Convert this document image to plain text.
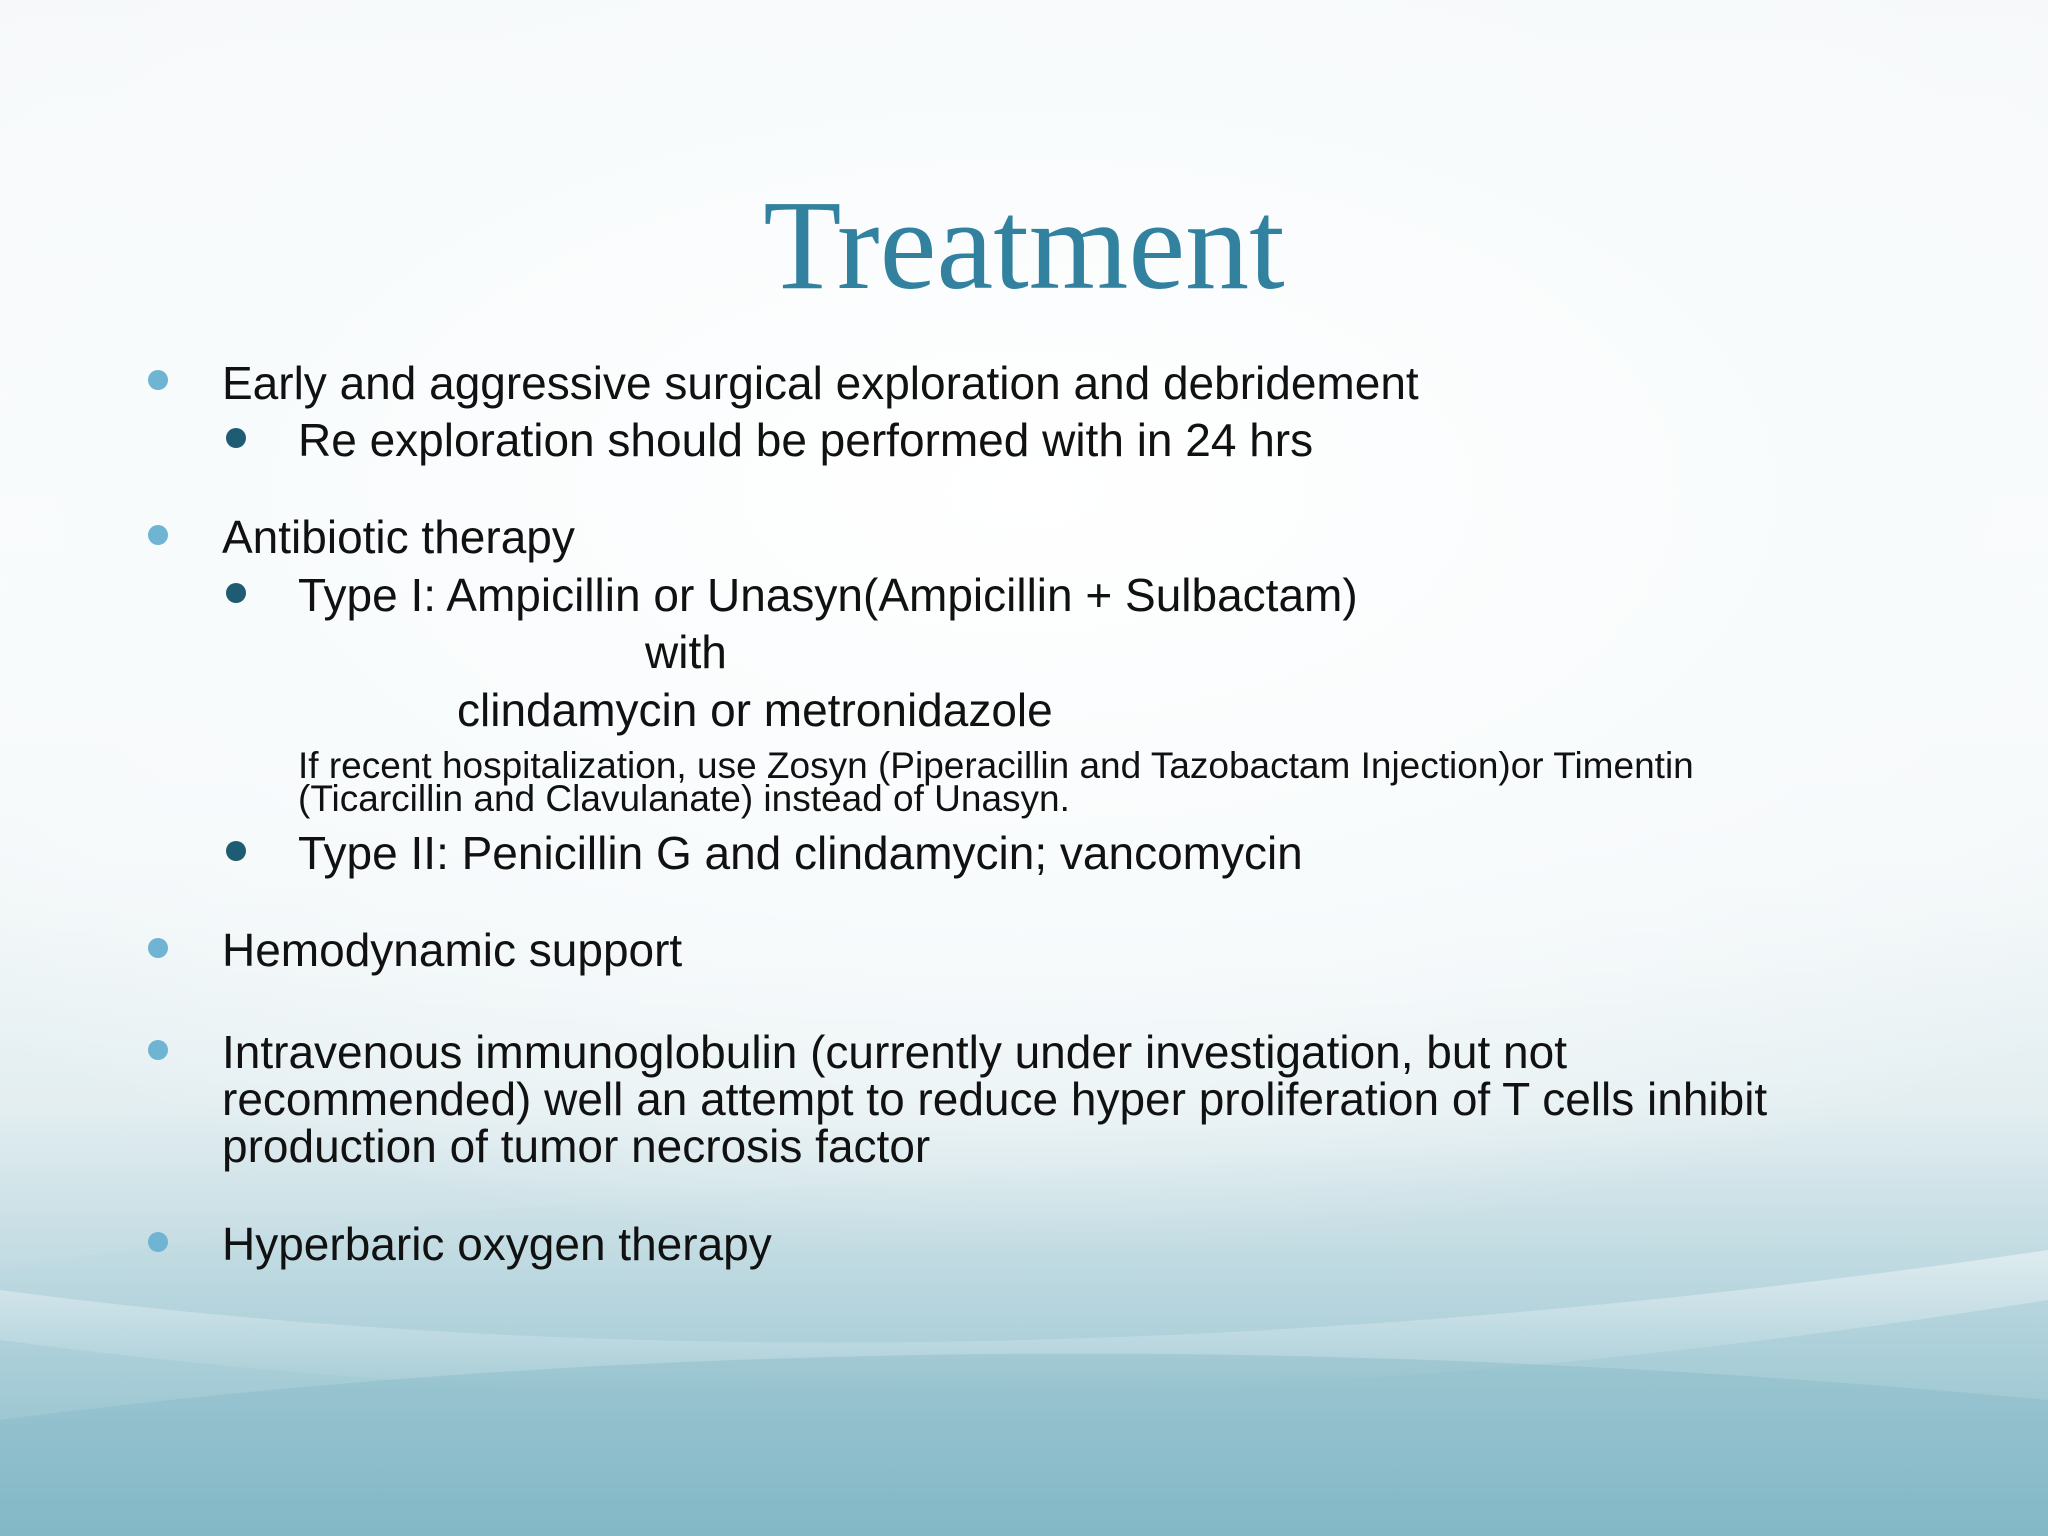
Treatment
Early and aggressive surgical exploration and debridement
Re exploration should be performed with in 24 hrs
Antibiotic therapy
Type I: Ampicillin or Unasyn(Ampicillin + Sulbactam)
with
clindamycin or metronidazole
If recent hospitalization, use Zosyn (Piperacillin and Tazobactam Injection)or Timentin
(Ticarcillin and Clavulanate) instead of Unasyn.
Type II: Penicillin G and clindamycin; vancomycin
Hemodynamic support
Intravenous immunoglobulin (currently under investigation, but not
recommended) well an attempt to reduce hyper proliferation of T cells inhibit
production of tumor necrosis factor
Hyperbaric oxygen therapy
